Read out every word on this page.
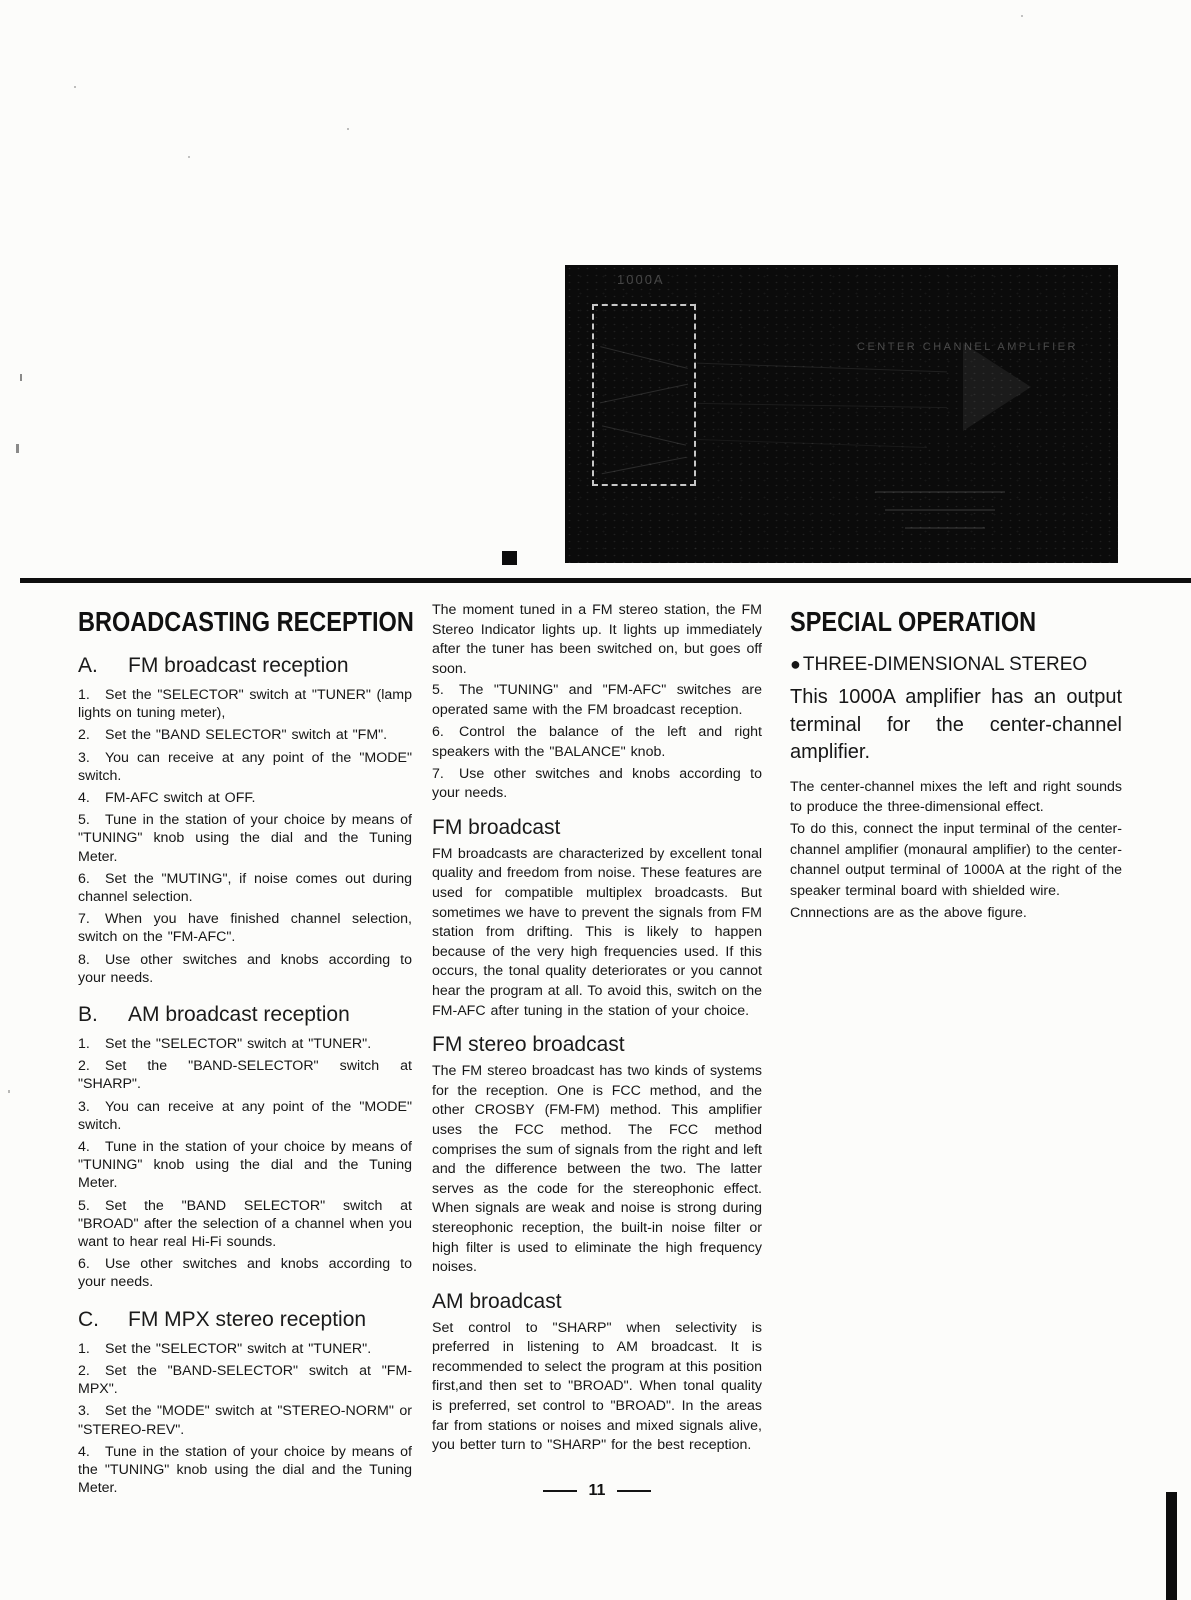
1000A
CENTER CHANNEL AMPLIFIER
BROADCASTING RECEPTION
A. FM broadcast reception

1. Set the "SELECTOR" switch at "TUNER" (lamp lights on tuning meter),

2. Set the "BAND SELECTOR" switch at "FM".

3. You can receive at any point of the "MODE" switch.

4. FM-AFC switch at OFF.

5. Tune in the station of your choice by means of "TUNING" knob using the dial and the Tuning Meter.

6. Set the "MUTING", if noise comes out during channel selection.

7. When you have finished channel selection, switch on the "FM-AFC".

8. Use other switches and knobs according to your needs.

B. AM broadcast reception

1. Set the "SELECTOR" switch at "TUNER".

2. Set the "BAND-SELECTOR" switch at "SHARP".

3. You can receive at any point of the "MODE" switch.

4. Tune in the station of your choice by means of "TUNING" knob using the dial and the Tuning Meter.

5. Set the "BAND SELECTOR" switch at "BROAD" after the selection of a channel when you want to hear real Hi-Fi sounds.

6. Use other switches and knobs according to your needs.

C. FM MPX stereo reception

1. Set the "SELECTOR" switch at "TUNER".

2. Set the "BAND-SELECTOR" switch at "FM-MPX".

3. Set the "MODE" switch at "STEREO-NORM" or "STEREO-REV".

4. Tune in the station of your choice by means of the "TUNING" knob using the dial and the Tuning Meter.

The moment tuned in a FM stereo station, the FM Stereo Indicator lights up. It lights up immediately after the tuner has been switched on, but goes off soon.

5. The "TUNING" and "FM-AFC" switches are operated same with the FM broadcast reception.

6. Control the balance of the left and right speakers with the "BALANCE" knob.

7. Use other switches and knobs according to your needs.

FM broadcast

FM broadcasts are characterized by excellent tonal quality and freedom from noise. These features are used for compatible multiplex broadcasts. But sometimes we have to prevent the signals from FM station from drifting. This is likely to happen because of the very high frequencies used. If this occurs, the tonal quality deteriorates or you cannot hear the program at all. To avoid this, switch on the FM-AFC after tuning in the station of your choice.

FM stereo broadcast

The FM stereo broadcast has two kinds of systems for the reception. One is FCC method, and the other CROSBY (FM-FM) method. This amplifier uses the FCC method. The FCC method comprises the sum of signals from the right and left and the difference between the two. The latter serves as the code for the stereophonic effect. When signals are weak and noise is strong during stereophonic reception, the built-in noise filter or high filter is used to eliminate the high frequency noises.

AM broadcast

Set control to "SHARP" when selectivity is preferred in listening to AM broadcast. It is recommended to select the program at this position first,and then set to "BROAD". When tonal quality is preferred, set control to "BROAD". In the areas far from stations or noises and mixed signals alive, you better turn to "SHARP" for the best reception.

11
SPECIAL OPERATION
● THREE-DIMENSIONAL STEREO

This 1000A amplifier has an output terminal for the center-channel amplifier.

The center-channel mixes the left and right sounds to produce the three-dimensional effect.

To do this, connect the input terminal of the center-channel amplifier (monaural amplifier) to the center-channel output terminal of 1000A at the right of the speaker terminal board with shielded wire.

Cnnnections are as the above figure.
